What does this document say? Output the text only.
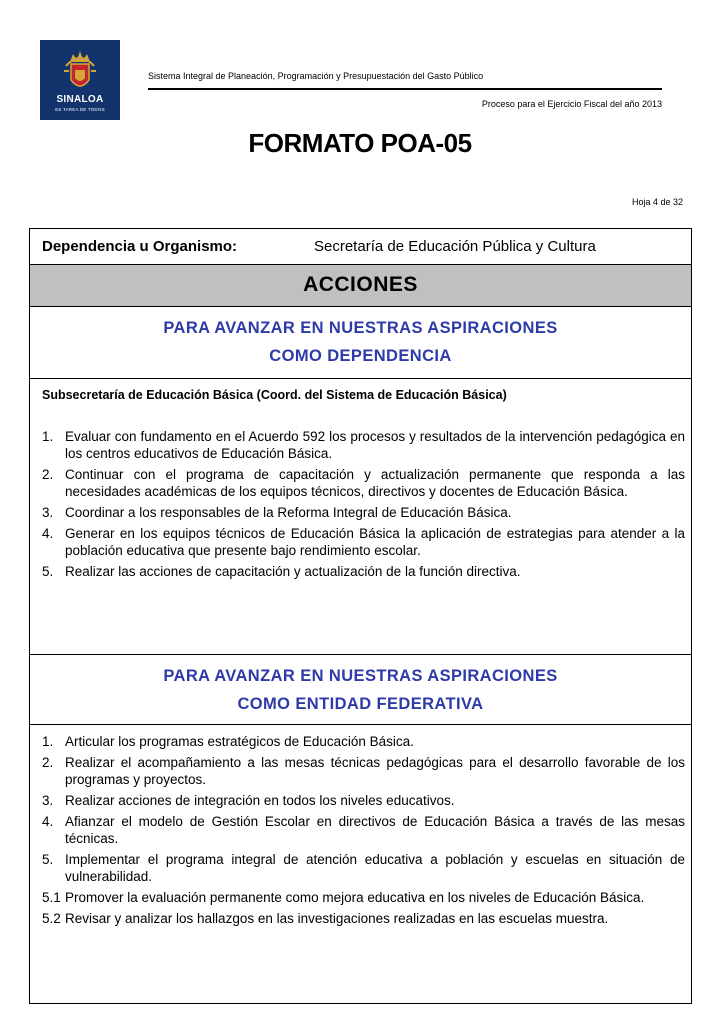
SINALOA
ES TAREA DE TODOS
Sistema Integral de Planeación, Programación y Presupuestación del Gasto Público
Proceso para el Ejercicio Fiscal del año 2013
FORMATO POA-05
Hoja 4 de 32
Dependencia u Organismo:	Secretaría de Educación Pública y Cultura
ACCIONES
PARA AVANZAR EN NUESTRAS ASPIRACIONES
COMO DEPENDENCIA
Subsecretaría de Educación Básica (Coord. del Sistema de Educación Básica)
1. Evaluar con fundamento en el Acuerdo 592 los procesos y resultados de la intervención pedagógica en los centros educativos de Educación Básica.
2. Continuar con el programa de capacitación y actualización permanente que responda a las necesidades académicas de los equipos técnicos, directivos y docentes de Educación Básica.
3. Coordinar a los responsables de la Reforma Integral de Educación Básica.
4. Generar en los equipos técnicos de Educación Básica la aplicación de estrategias para atender a la población educativa que presente bajo rendimiento escolar.
5. Realizar las acciones de capacitación y actualización de la función directiva.
PARA AVANZAR EN NUESTRAS ASPIRACIONES
COMO ENTIDAD FEDERATIVA
1. Articular los programas estratégicos de Educación Básica.
2. Realizar el acompañamiento a las mesas técnicas pedagógicas para el desarrollo favorable de los programas y proyectos.
3. Realizar acciones de integración en todos los niveles educativos.
4. Afianzar el modelo de Gestión Escolar en directivos de Educación Básica a través de las mesas técnicas.
5. Implementar el programa integral de atención educativa a población y escuelas en situación de vulnerabilidad.
5.1 Promover la evaluación permanente como mejora educativa en los niveles de Educación Básica.
5.2 Revisar y analizar los hallazgos en las investigaciones realizadas en las escuelas muestra.
